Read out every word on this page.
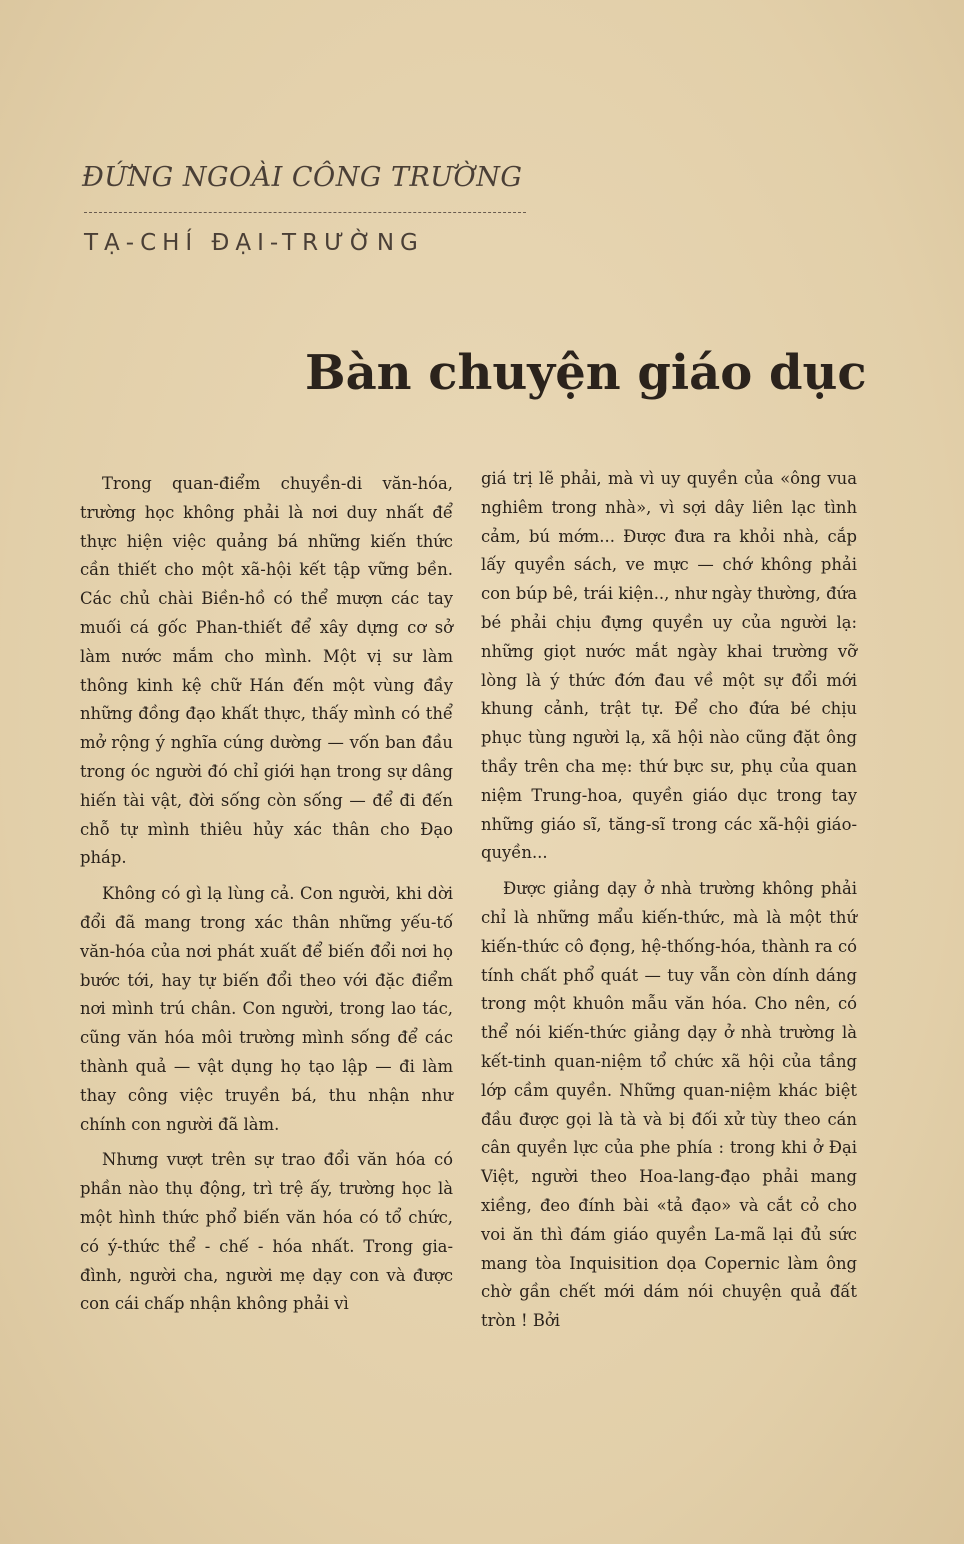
ĐỨNG NGOÀI CÔNG TRƯỜNG
TẠ-CHÍ ĐẠI-TRƯỜNG
Bàn chuyện giáo dục

Trong quan-điểm chuyền-di văn-hóa, trường học không phải là nơi duy nhất để thực hiện việc quảng bá những kiến thức cần thiết cho một xã-hội kết tập vững bền. Các chủ chài Biền-hồ có thể mượn các tay muối cá gốc Phan-thiết để xây dựng cơ sở làm nước mắm cho mình. Một vị sư làm thông kinh kệ chữ Hán đến một vùng đầy những đồng đạo khất thực, thấy mình có thể mở rộng ý nghĩa cúng dường — vốn ban đầu trong óc người đó chỉ giới hạn trong sự dâng hiến tài vật, đời sống còn sống — để đi đến chỗ tự mình thiêu hủy xác thân cho Đạo pháp.

Không có gì lạ lùng cả. Con người, khi dời đổi đã mang trong xác thân những yếu-tố văn-hóa của nơi phát xuất để biến đổi nơi họ bước tới, hay tự biến đổi theo với đặc điểm nơi mình trú chân. Con người, trong lao tác, cũng văn hóa môi trường mình sống để các thành quả — vật dụng họ tạo lập — đi làm thay công việc truyền bá, thu nhận như chính con người đã làm.

Nhưng vượt trên sự trao đổi văn hóa có phần nào thụ động, trì trệ ấy, trường học là một hình thức phổ biến văn hóa có tổ chức, có ý-thức thể - chế - hóa nhất. Trong gia-đình, người cha, người mẹ dạy con và được con cái chấp nhận không phải vì

giá trị lẽ phải, mà vì uy quyền của «ông vua nghiêm trong nhà», vì sợi dây liên lạc tình cảm, bú mớm... Được đưa ra khỏi nhà, cắp lấy quyền sách, ve mực — chớ không phải con búp bê, trái kiện.., như ngày thường, đứa bé phải chịu đựng quyền uy của người lạ: những giọt nước mắt ngày khai trường vỡ lòng là ý thức đớn đau về một sự đổi mới khung cảnh, trật tự. Để cho đứa bé chịu phục tùng người lạ, xã hội nào cũng đặt ông thầy trên cha mẹ: thứ bực sư, phụ của quan niệm Trung-hoa, quyền giáo dục trong tay những giáo sĩ, tăng-sĩ trong các xã-hội giáo-quyền...

Được giảng dạy ở nhà trường không phải chỉ là những mẩu kiến-thức, mà là một thứ kiến-thức cô đọng, hệ-thống-hóa, thành ra có tính chất phổ quát — tuy vẫn còn dính dáng trong một khuôn mẫu văn hóa. Cho nên, có thể nói kiến-thức giảng dạy ở nhà trường là kết-tinh quan-niệm tổ chức xã hội của tầng lớp cầm quyền. Những quan-niệm khác biệt đầu được gọi là tà và bị đối xử tùy theo cán cân quyền lực của phe phía : trong khi ở Đại Việt, người theo Hoa-lang-đạo phải mang xiềng, đeo đính bài «tả đạo» và cắt cỏ cho voi ăn thì đám giáo quyền La-mã lại đủ sức mang tòa Inquisition dọa Copernic làm ông chờ gần chết mới dám nói chuyện quả đất tròn ! Bởi
